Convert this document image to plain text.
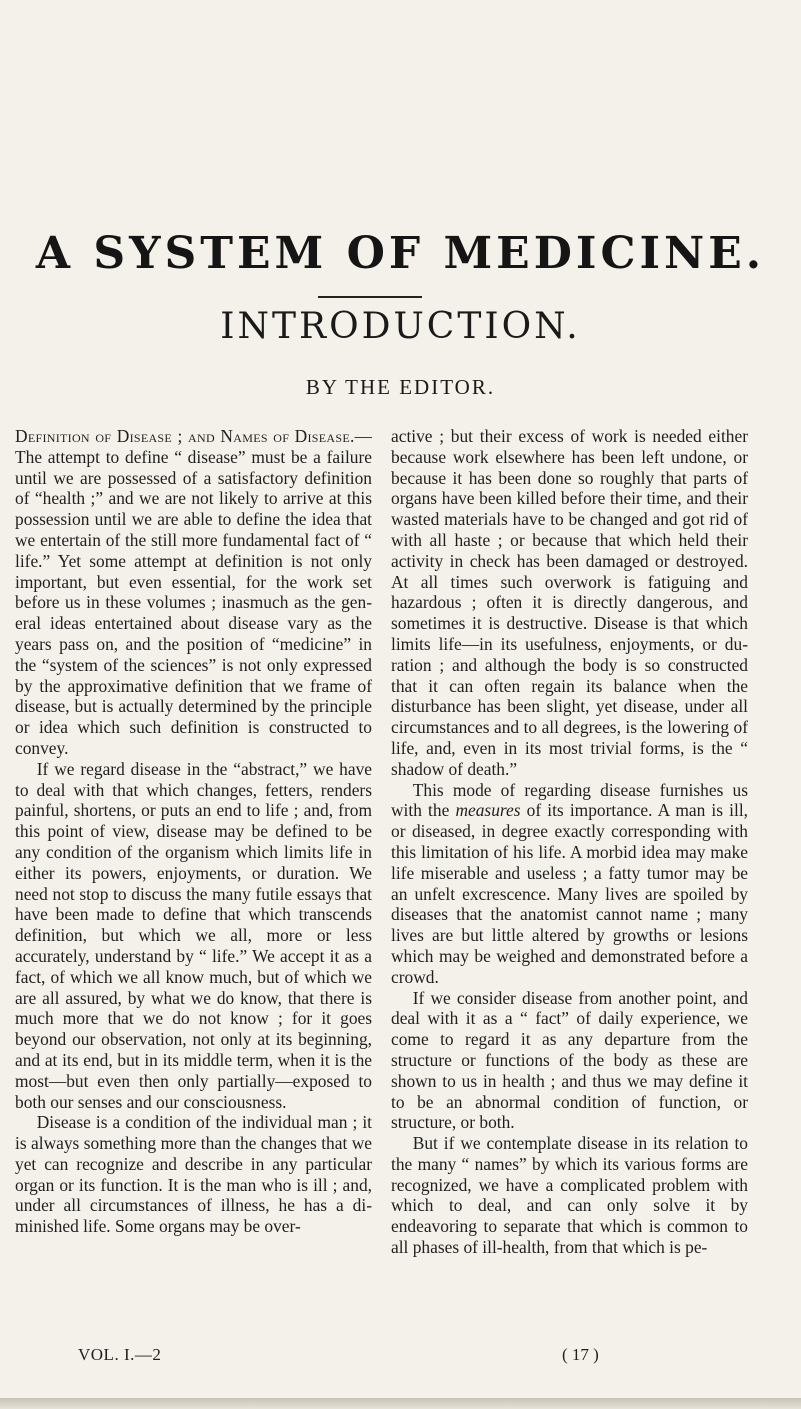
A SYSTEM OF MEDICINE.
INTRODUCTION.
BY THE EDITOR.

Definition of Disease ; and Names of Disease.—The attempt to define “ disease” must be a failure until we are possessed of a satisfactory definition of “health ;” and we are not likely to arrive at this possession until we are able to define the idea that we entertain of the still more fundamental fact of “ life.” Yet some attempt at definition is not only important, but even essential, for the work set before us in these volumes ; inasmuch as the general ideas entertained about disease vary as the years pass on, and the position of “medicine” in the “system of the sciences” is not only expressed by the approximative definition that we frame of disease, but is actually determined by the principle or idea which such definition is constructed to convey.

If we regard disease in the “abstract,” we have to deal with that which changes, fetters, renders painful, shortens, or puts an end to life ; and, from this point of view, disease may be defined to be any condition of the organism which limits life in either its powers, enjoyments, or duration. We need not stop to discuss the many futile essays that have been made to define that which transcends definition, but which we all, more or less accurately, understand by “ life.” We accept it as a fact, of which we all know much, but of which we are all assured, by what we do know, that there is much more that we do not know ; for it goes beyond our observation, not only at its beginning, and at its end, but in its middle term, when it is the most—but even then only partially—exposed to both our senses and our consciousness.

Disease is a condition of the individual man ; it is always something more than the changes that we yet can recognize and describe in any particular organ or its function. It is the man who is ill ; and, under all circumstances of illness, he has a diminished life. Some organs may be over-

active ; but their excess of work is needed either because work elsewhere has been left undone, or because it has been done so roughly that parts of organs have been killed before their time, and their wasted materials have to be changed and got rid of with all haste ; or because that which held their activity in check has been damaged or destroyed. At all times such overwork is fatiguing and hazardous ; often it is directly dangerous, and sometimes it is destructive. Disease is that which limits life—in its usefulness, enjoyments, or duration ; and although the body is so constructed that it can often regain its balance when the disturbance has been slight, yet disease, under all circumstances and to all degrees, is the lowering of life, and, even in its most trivial forms, is the “ shadow of death.”

This mode of regarding disease furnishes us with the measures of its importance. A man is ill, or diseased, in degree exactly corresponding with this limitation of his life. A morbid idea may make life miserable and useless ; a fatty tumor may be an unfelt excrescence. Many lives are spoiled by diseases that the anatomist cannot name ; many lives are but little altered by growths or lesions which may be weighed and demonstrated before a crowd.

If we consider disease from another point, and deal with it as a “ fact” of daily experience, we come to regard it as any departure from the structure or functions of the body as these are shown to us in health ; and thus we may define it to be an abnormal condition of function, or structure, or both.

But if we contemplate disease in its relation to the many “ names” by which its various forms are recognized, we have a complicated problem with which to deal, and can only solve it by endeavoring to separate that which is common to all phases of ill-health, from that which is pe-

VOL. I.—2	( 17 )
